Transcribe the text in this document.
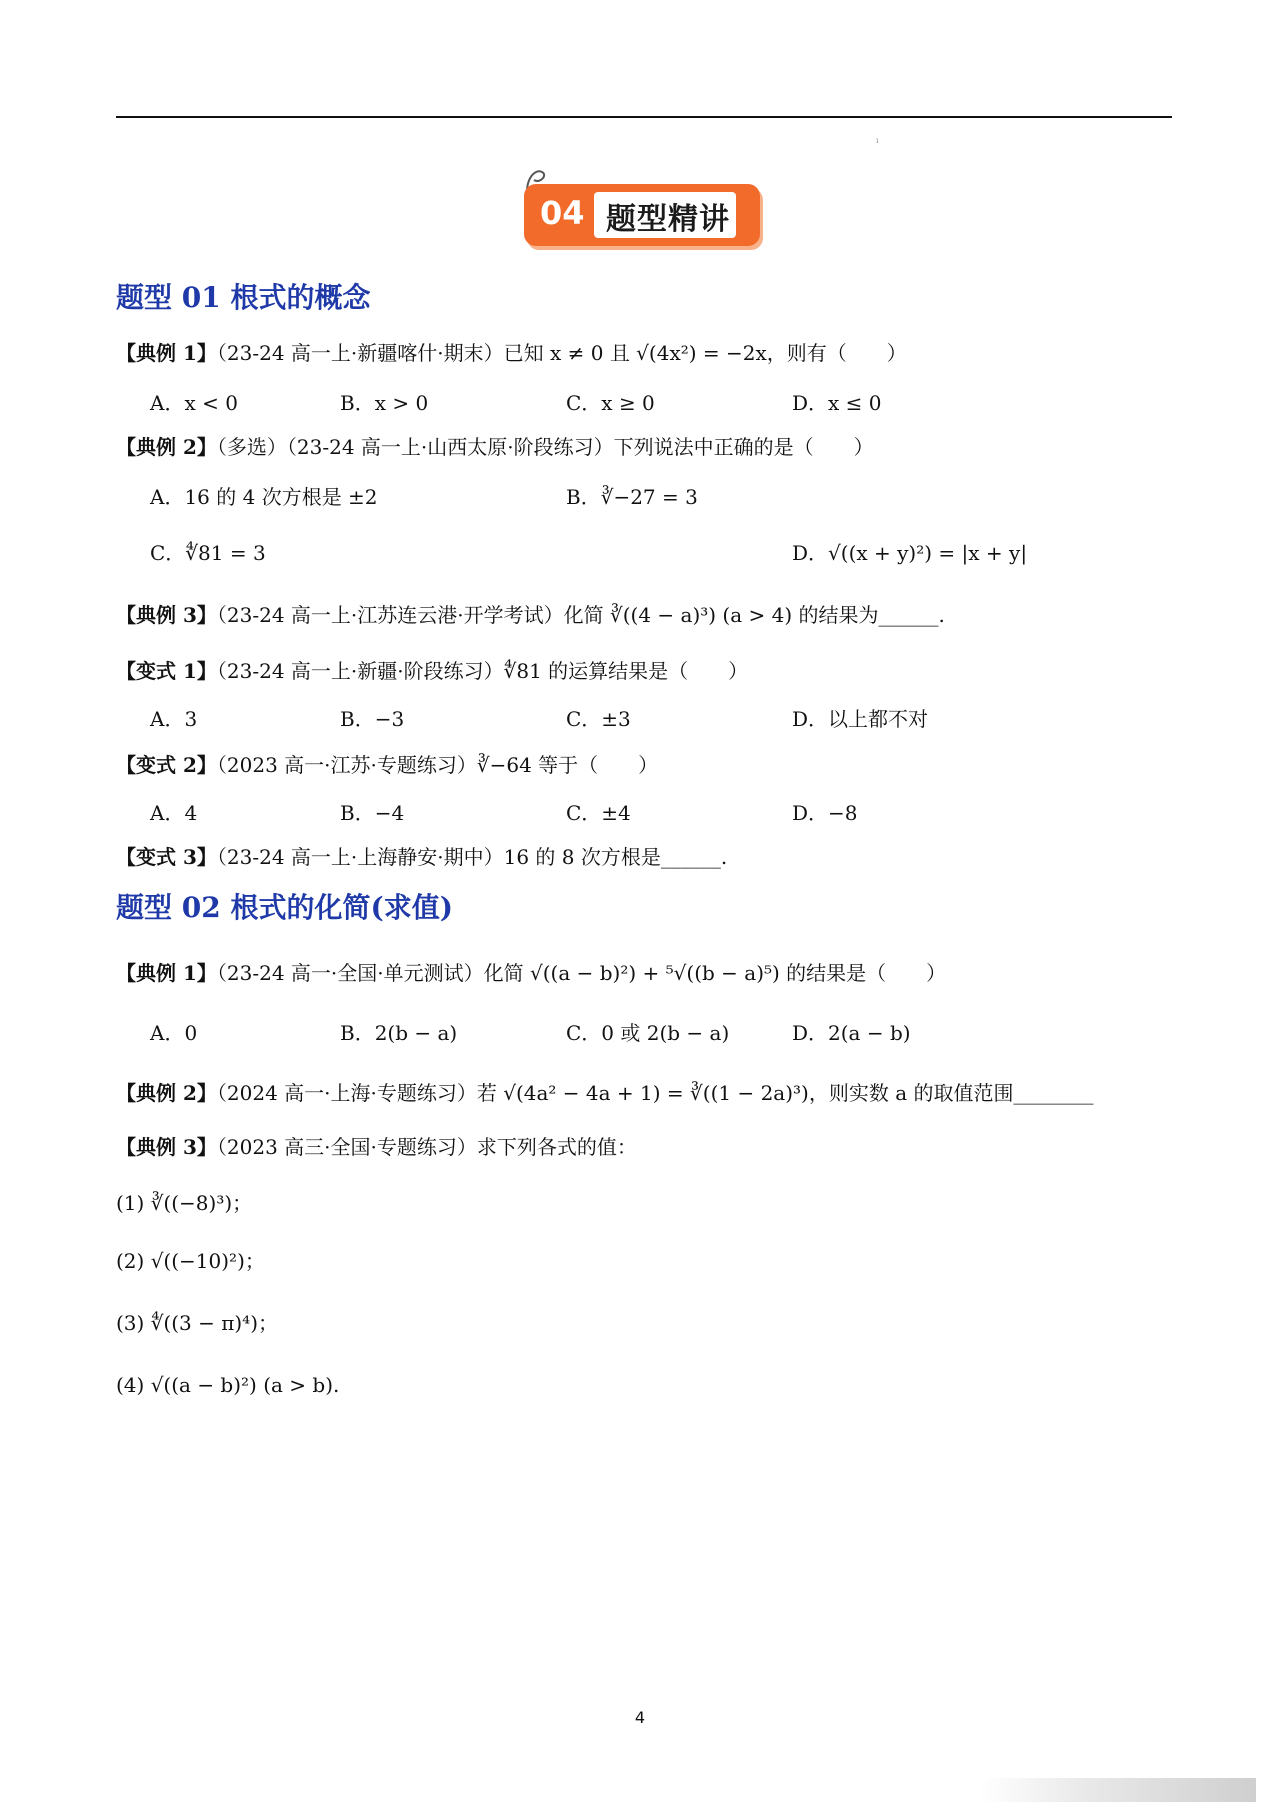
ı
04 题型精讲
题型 01 根式的概念
【典例 1】（23-24 高一上·新疆喀什·期末）已知 x ≠ 0 且 √(4x²) = −2x，则有（　　）
A．x < 0	B．x > 0	C．x ≥ 0	D．x ≤ 0
【典例 2】（多选）（23-24 高一上·山西太原·阶段练习）下列说法中正确的是（　　）
A．16 的 4 次方根是 ±2	B．∛−27 = 3
C．∜81 = 3	D．√((x + y)²) = |x + y|
【典例 3】（23-24 高一上·江苏连云港·开学考试）化简 ∛((4 − a)³) (a > 4) 的结果为______.
【变式 1】（23-24 高一上·新疆·阶段练习）∜81 的运算结果是（　　）
A．3	B．−3	C．±3	D．以上都不对
【变式 2】（2023 高一·江苏·专题练习）∛−64 等于（　　）
A．4	B．−4	C．±4	D．−8
【变式 3】（23-24 高一上·上海静安·期中）16 的 8 次方根是______.
题型 02 根式的化简(求值)
【典例 1】（23-24 高一·全国·单元测试）化简 √((a − b)²) + ⁵√((b − a)⁵) 的结果是（　　）
A．0	B．2(b − a)	C．0 或 2(b − a)	D．2(a − b)
【典例 2】（2024 高一·上海·专题练习）若 √(4a² − 4a + 1) = ∛((1 − 2a)³)，则实数 a 的取值范围________
【典例 3】（2023 高三·全国·专题练习）求下列各式的值：
(1) ∛((−8)³)；
(2) √((−10)²)；
(3) ∜((3 − π)⁴)；
(4) √((a − b)²) (a > b).
4
